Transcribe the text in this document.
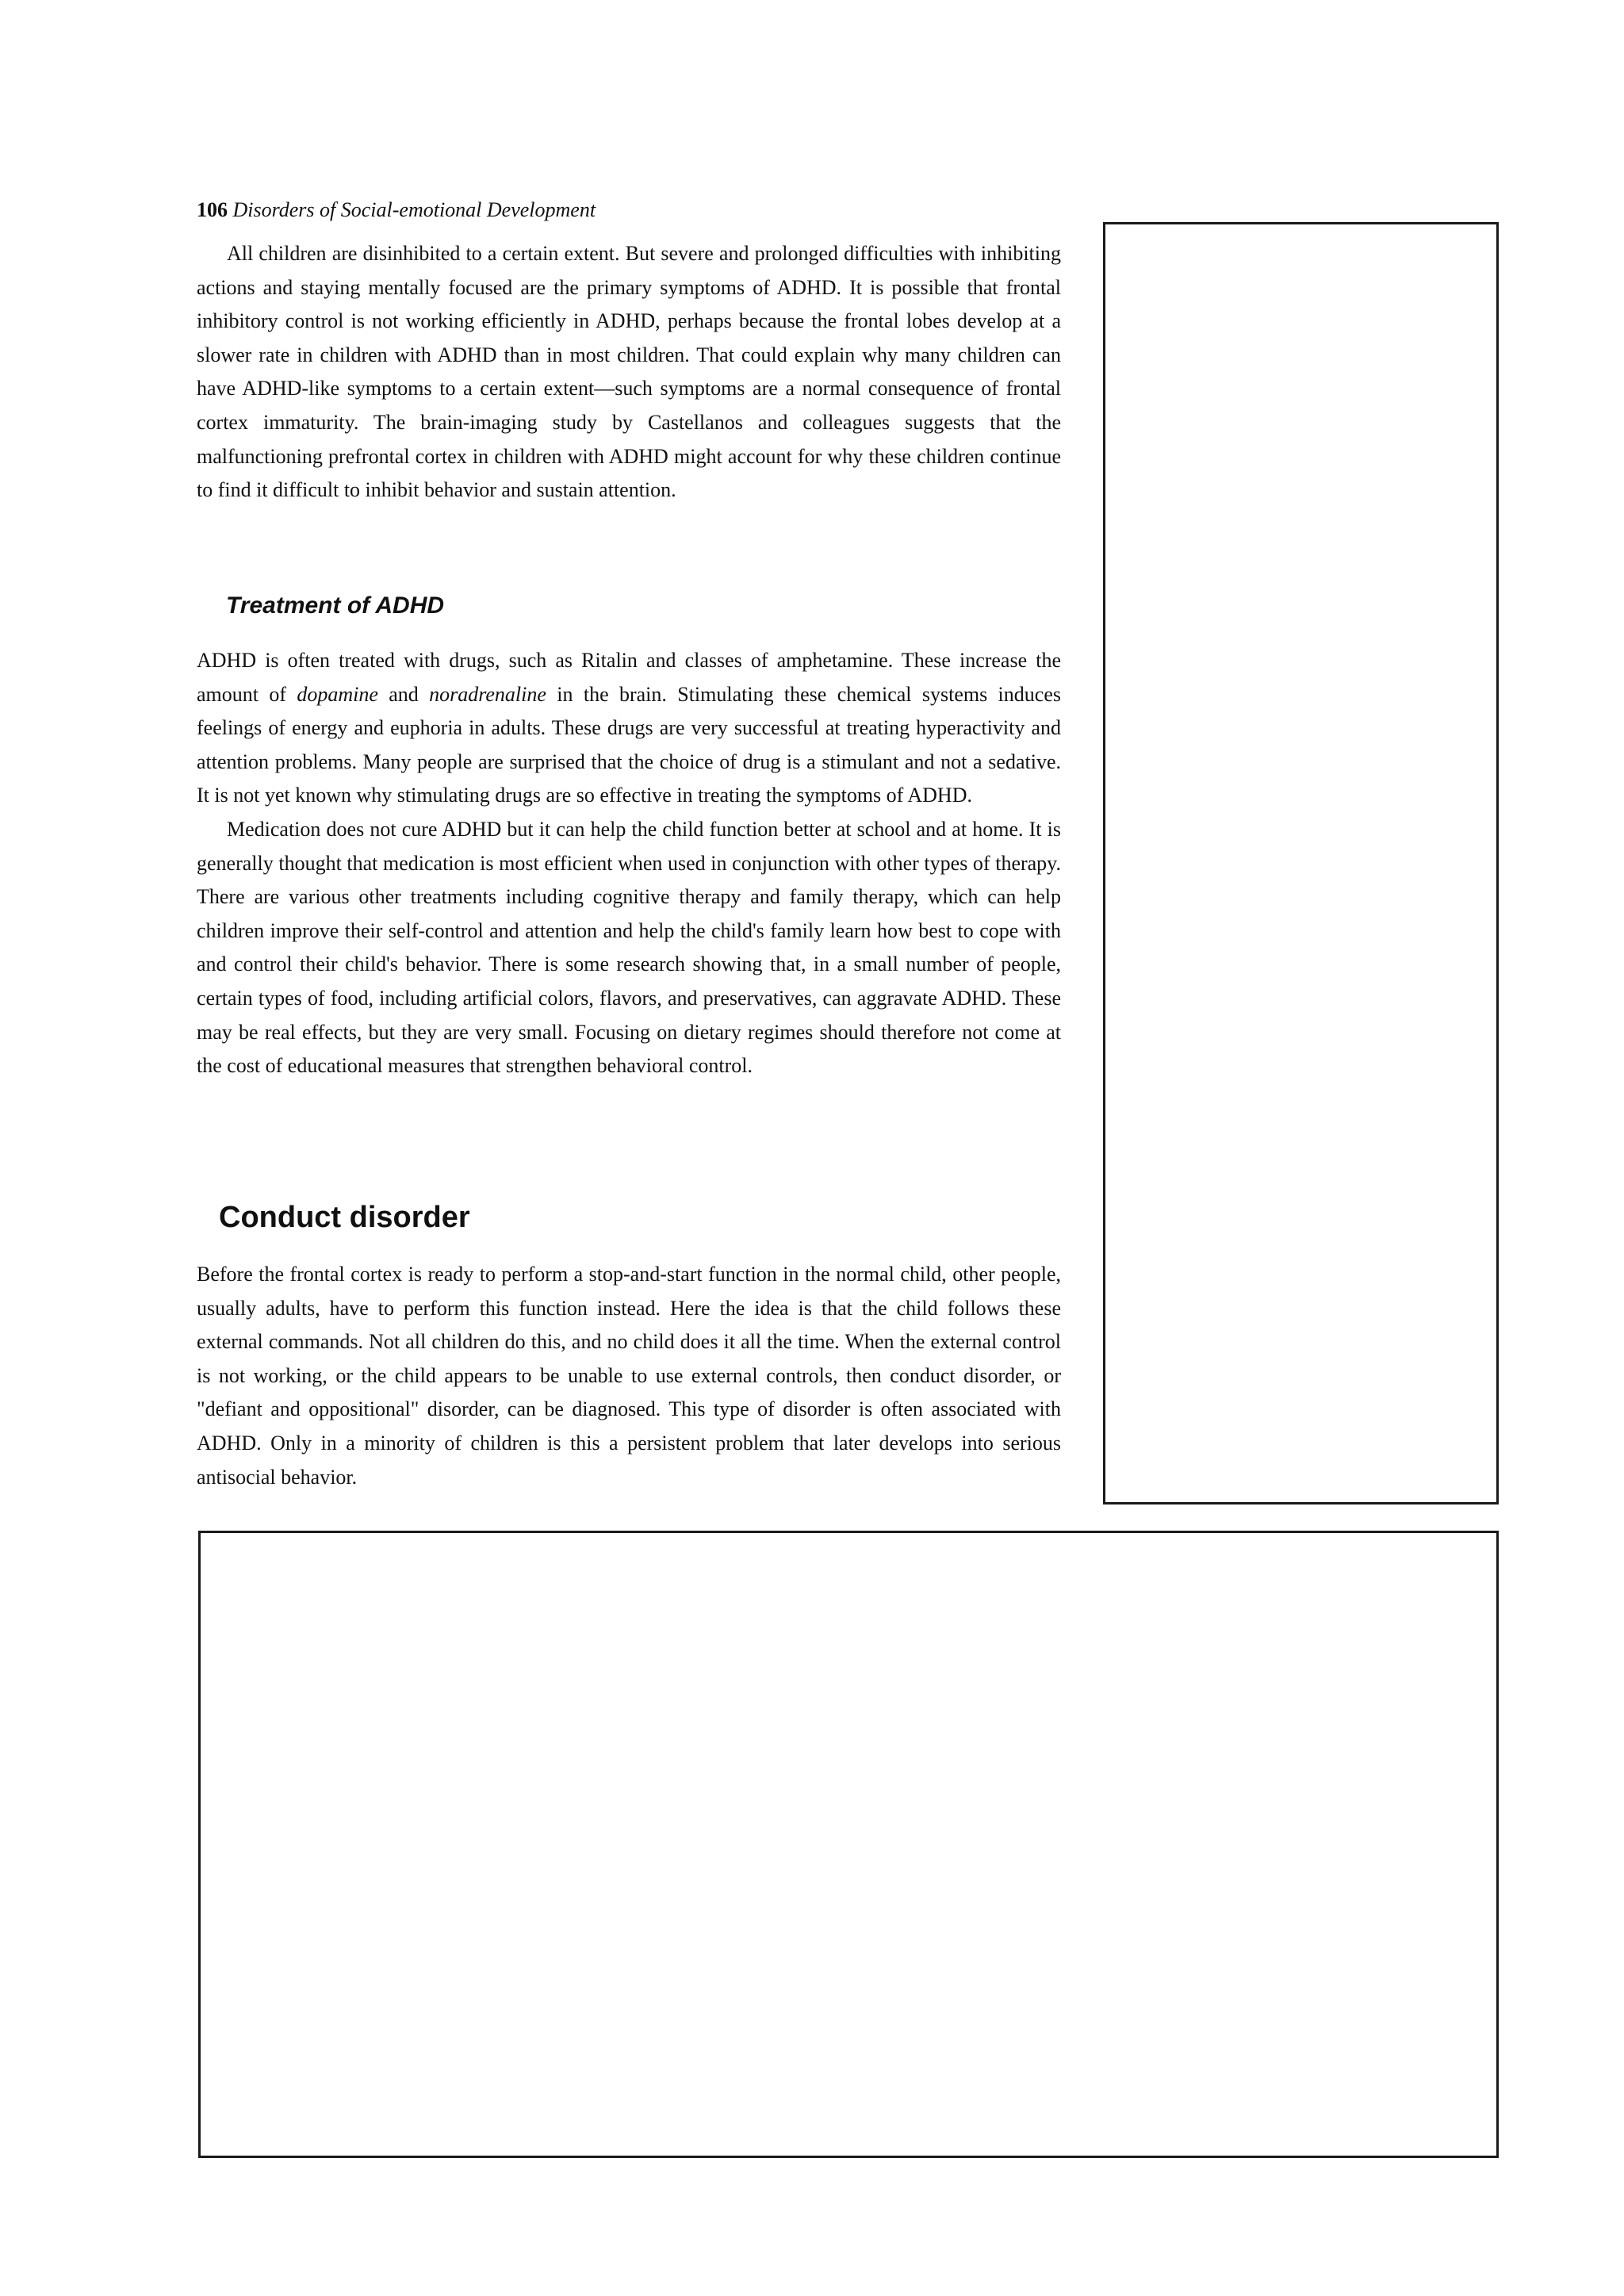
106 Disorders of Social-emotional Development

All children are disinhibited to a certain extent. But severe and prolonged difficulties with inhibiting actions and staying mentally focused are the primary symptoms of ADHD. It is possible that frontal inhibitory control is not working efficiently in ADHD, perhaps because the frontal lobes develop at a slower rate in children with ADHD than in most children. That could explain why many children can have ADHD-like symptoms to a certain extent—such symptoms are a normal consequence of frontal cortex immaturity. The brain-imaging study by Castellanos and colleagues suggests that the malfunctioning prefrontal cortex in children with ADHD might account for why these children continue to find it difficult to inhibit behavior and sustain attention.

Treatment of ADHD

ADHD is often treated with drugs, such as Ritalin and classes of amphetamine. These increase the amount of dopamine and noradrenaline in the brain. Stimulating these chemical systems induces feelings of energy and euphoria in adults. These drugs are very successful at treating hyperactivity and attention problems. Many people are surprised that the choice of drug is a stimulant and not a sedative. It is not yet known why stimulating drugs are so effective in treating the symptoms of ADHD.

Medication does not cure ADHD but it can help the child function better at school and at home. It is generally thought that medication is most efficient when used in conjunction with other types of therapy. There are various other treatments including cognitive therapy and family therapy, which can help children improve their self-control and attention and help the child's family learn how best to cope with and control their child's behavior. There is some research showing that, in a small number of people, certain types of food, including artificial colors, flavors, and preservatives, can aggravate ADHD. These may be real effects, but they are very small. Focusing on dietary regimes should therefore not come at the cost of educational measures that strengthen behavioral control.

Conduct disorder

Before the frontal cortex is ready to perform a stop-and-start function in the normal child, other people, usually adults, have to perform this function instead. Here the idea is that the child follows these external commands. Not all children do this, and no child does it all the time. When the external control is not working, or the child appears to be unable to use external controls, then conduct disorder, or "defiant and oppositional" disorder, can be diagnosed. This type of disorder is often associated with ADHD. Only in a minority of children is this a persistent problem that later develops into serious antisocial behavior.
